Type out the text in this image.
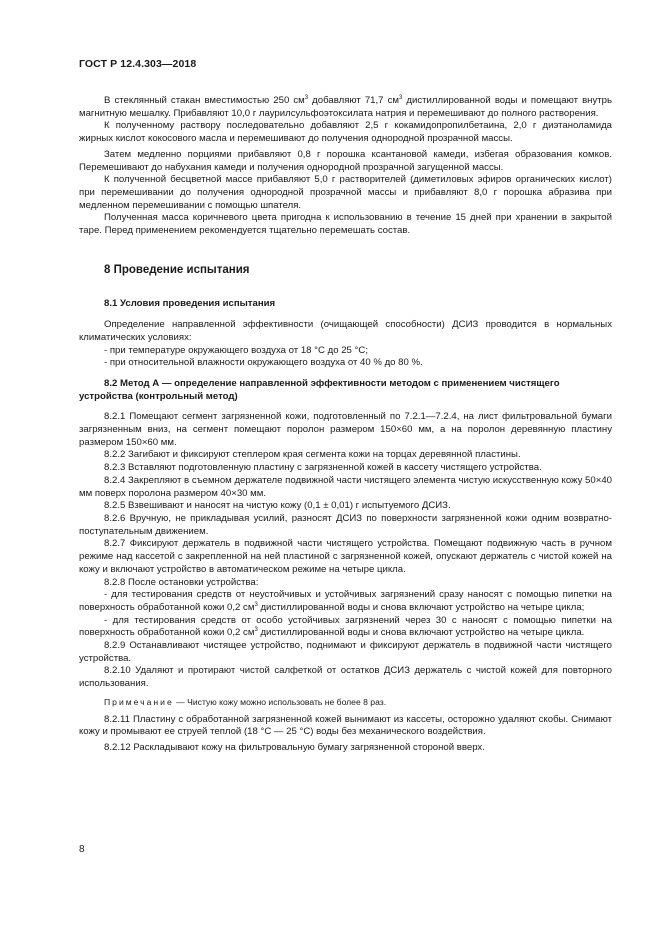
ГОСТ Р 12.4.303—2018

В стеклянный стакан вместимостью 250 $см^3$ добавляют 71,7 $см^3$ дистиллированной воды и помещают внутрь магнитную мешалку. Прибавляют 10,0 г лаурилсульфоэтоксилата натрия и перемешивают до полного растворения.

К полученному раствору последовательно добавляют 2,5 г кокамидопропилбетаина, 2,0 г диэтаноламида жирных кислот кокосового масла и перемешивают до получения однородной прозрачной массы.

Затем медленно порциями прибавляют 0,8 г порошка ксантановой камеди, избегая образования комков. Перемешивают до набухания камеди и получения однородной прозрачной загущенной массы.

К полученной бесцветной массе прибавляют 5,0 г растворителей (диметиловых эфиров органических кислот) при перемешивании до получения однородной прозрачной массы и прибавляют 8,0 г порошка абразива при медленном перемешивании с помощью шпателя.

Полученная масса коричневого цвета пригодна к использованию в течение 15 дней при хранении в закрытой таре. Перед применением рекомендуется тщательно перемешать состав.

8 Проведение испытания
8.1 Условия проведения испытания

Определение направленной эффективности (очищающей способности) ДСИЗ проводится в нормальных климатических условиях:

- при температуре окружающего воздуха от 18 °С до 25 °С;

- при относительной влажности окружающего воздуха от 40 % до 80 %.

8.2 Метод А — определение направленной эффективности методом с применением чистящего устройства (контрольный метод)

8.2.1 Помещают сегмент загрязненной кожи, подготовленный по 7.2.1—7.2.4, на лист фильтровальной бумаги загрязненным вниз, на сегмент помещают поролон размером 150×60 мм, а на поролон деревянную пластину размером 150×60 мм.

8.2.2 Загибают и фиксируют степлером края сегмента кожи на торцах деревянной пластины.

8.2.3 Вставляют подготовленную пластину с загрязненной кожей в кассету чистящего устройства.

8.2.4 Закрепляют в съемном держателе подвижной части чистящего элемента чистую искусственную кожу 50×40 мм поверх поролона размером 40×30 мм.

8.2.5 Взвешивают и наносят на чистую кожу (0,1 ± 0,01) г испытуемого ДСИЗ.

8.2.6 Вручную, не прикладывая усилий, разносят ДСИЗ по поверхности загрязненной кожи одним возвратно-поступательным движением.

8.2.7 Фиксируют держатель в подвижной части чистящего устройства. Помещают подвижную часть в ручном режиме над кассетой с закрепленной на ней пластиной с загрязненной кожей, опускают держатель с чистой кожей на кожу и включают устройство в автоматическом режиме на четыре цикла.

8.2.8 После остановки устройства:

- для тестирования средств от неустойчивых и устойчивых загрязнений сразу наносят с помощью пипетки на поверхность обработанной кожи 0,2 $см^3$ дистиллированной воды и снова включают устройство на четыре цикла;

- для тестирования средств от особо устойчивых загрязнений через 30 с наносят с помощью пипетки на поверхность обработанной кожи 0,2 $см^3$ дистиллированной воды и снова включают устройство на четыре цикла.

8.2.9 Останавливают чистящее устройство, поднимают и фиксируют держатель в подвижной части чистящего устройства.

8.2.10 Удаляют и протирают чистой салфеткой от остатков ДСИЗ держатель с чистой кожей для повторного использования.

Примечание — Чистую кожу можно использовать не более 8 раз.

8.2.11 Пластину с обработанной загрязненной кожей вынимают из кассеты, осторожно удаляют скобы. Снимают кожу и промывают ее струей теплой (18 °С — 25 °С) воды без механического воздействия.

8.2.12 Раскладывают кожу на фильтровальную бумагу загрязненной стороной вверх.

8
